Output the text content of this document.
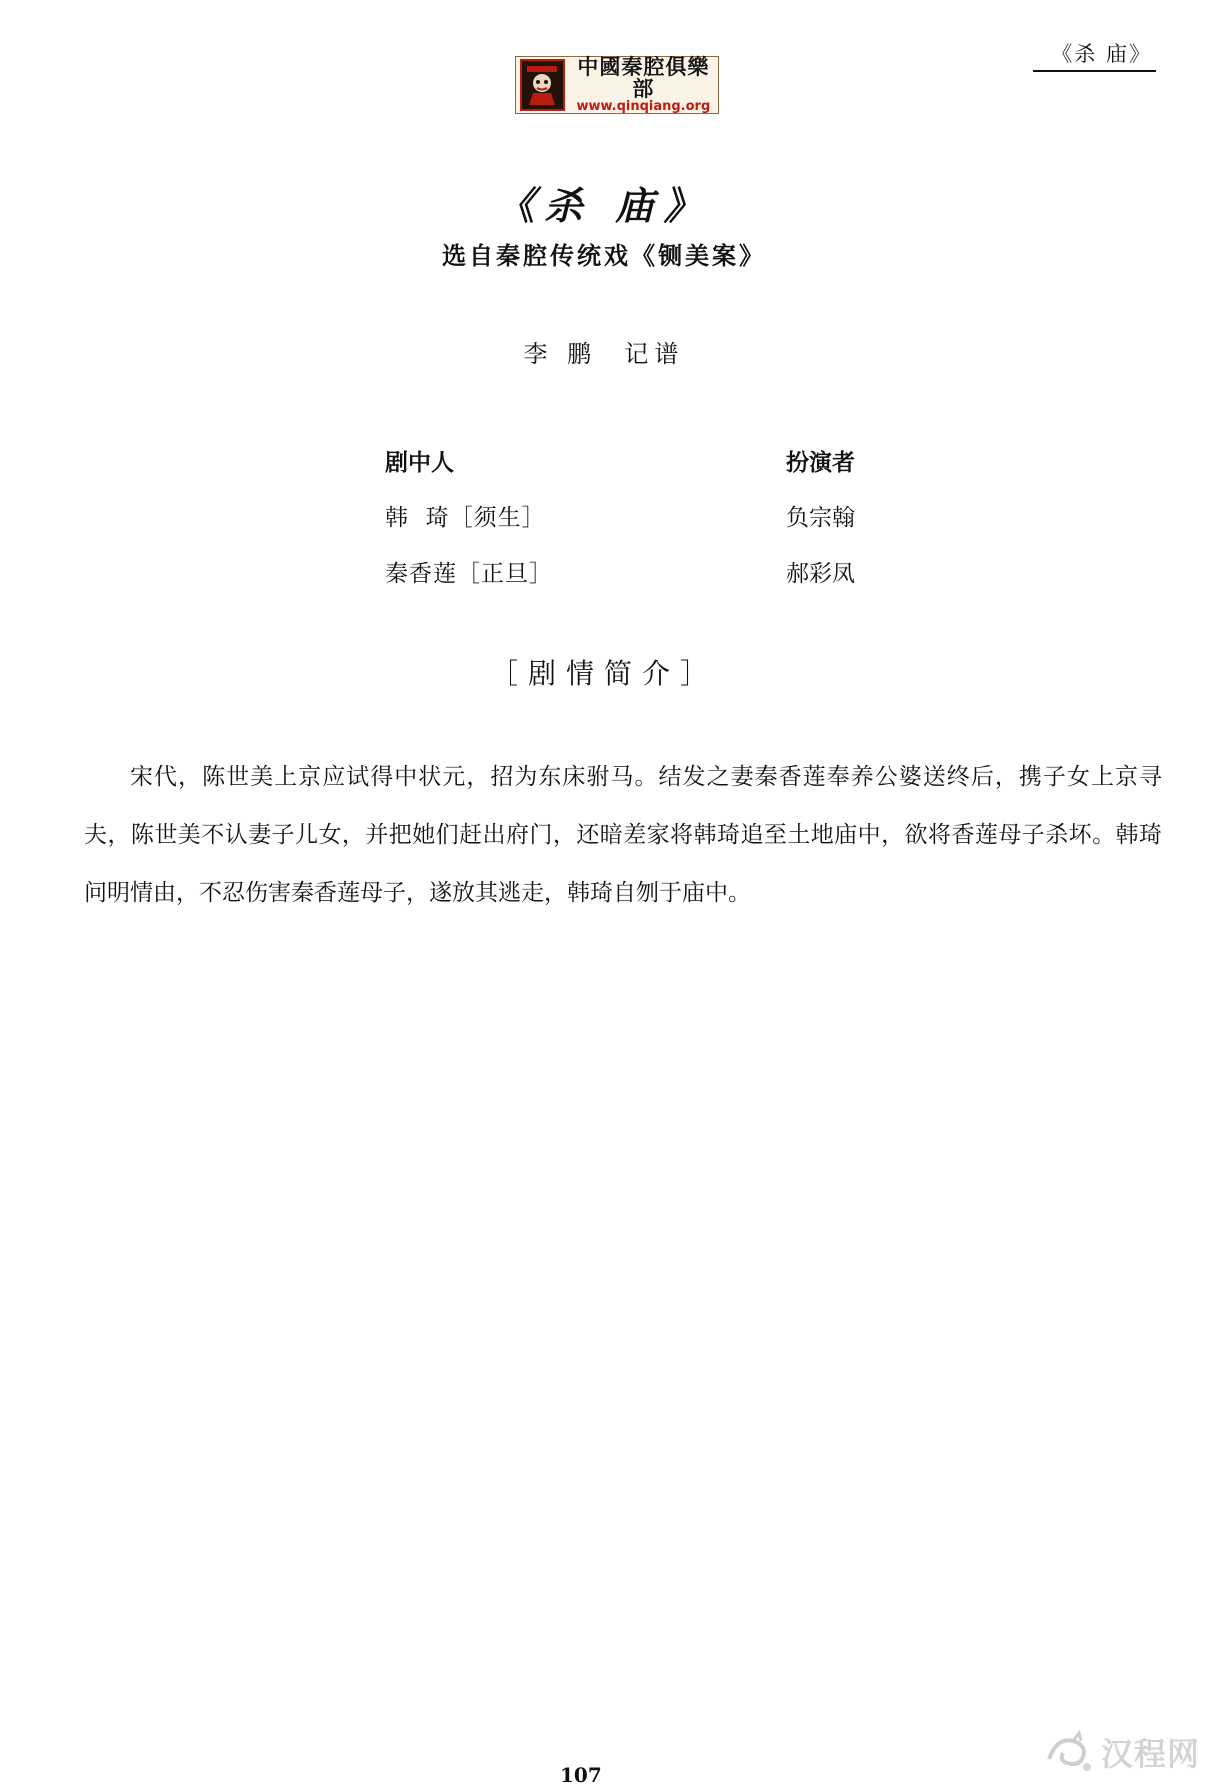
《杀 庙》
中國秦腔俱樂部
www.qinqiang.org
《杀 庙》
选自秦腔传统戏《铡美案》
李 鹏  记谱
剧中人	扮演者
韩  琦［须生］	负宗翰
秦香莲［正旦］	郝彩凤
［剧情简介］
宋代，陈世美上京应试得中状元，招为东床驸马。结发之妻秦香莲奉养公婆送终后，携子女上京寻夫，陈世美不认妻子儿女，并把她们赶出府门，还暗差家将韩琦追至土地庙中，欲将香莲母子杀坏。韩琦问明情由，不忍伤害秦香莲母子，遂放其逃走，韩琦自刎于庙中。
107
汉程网
